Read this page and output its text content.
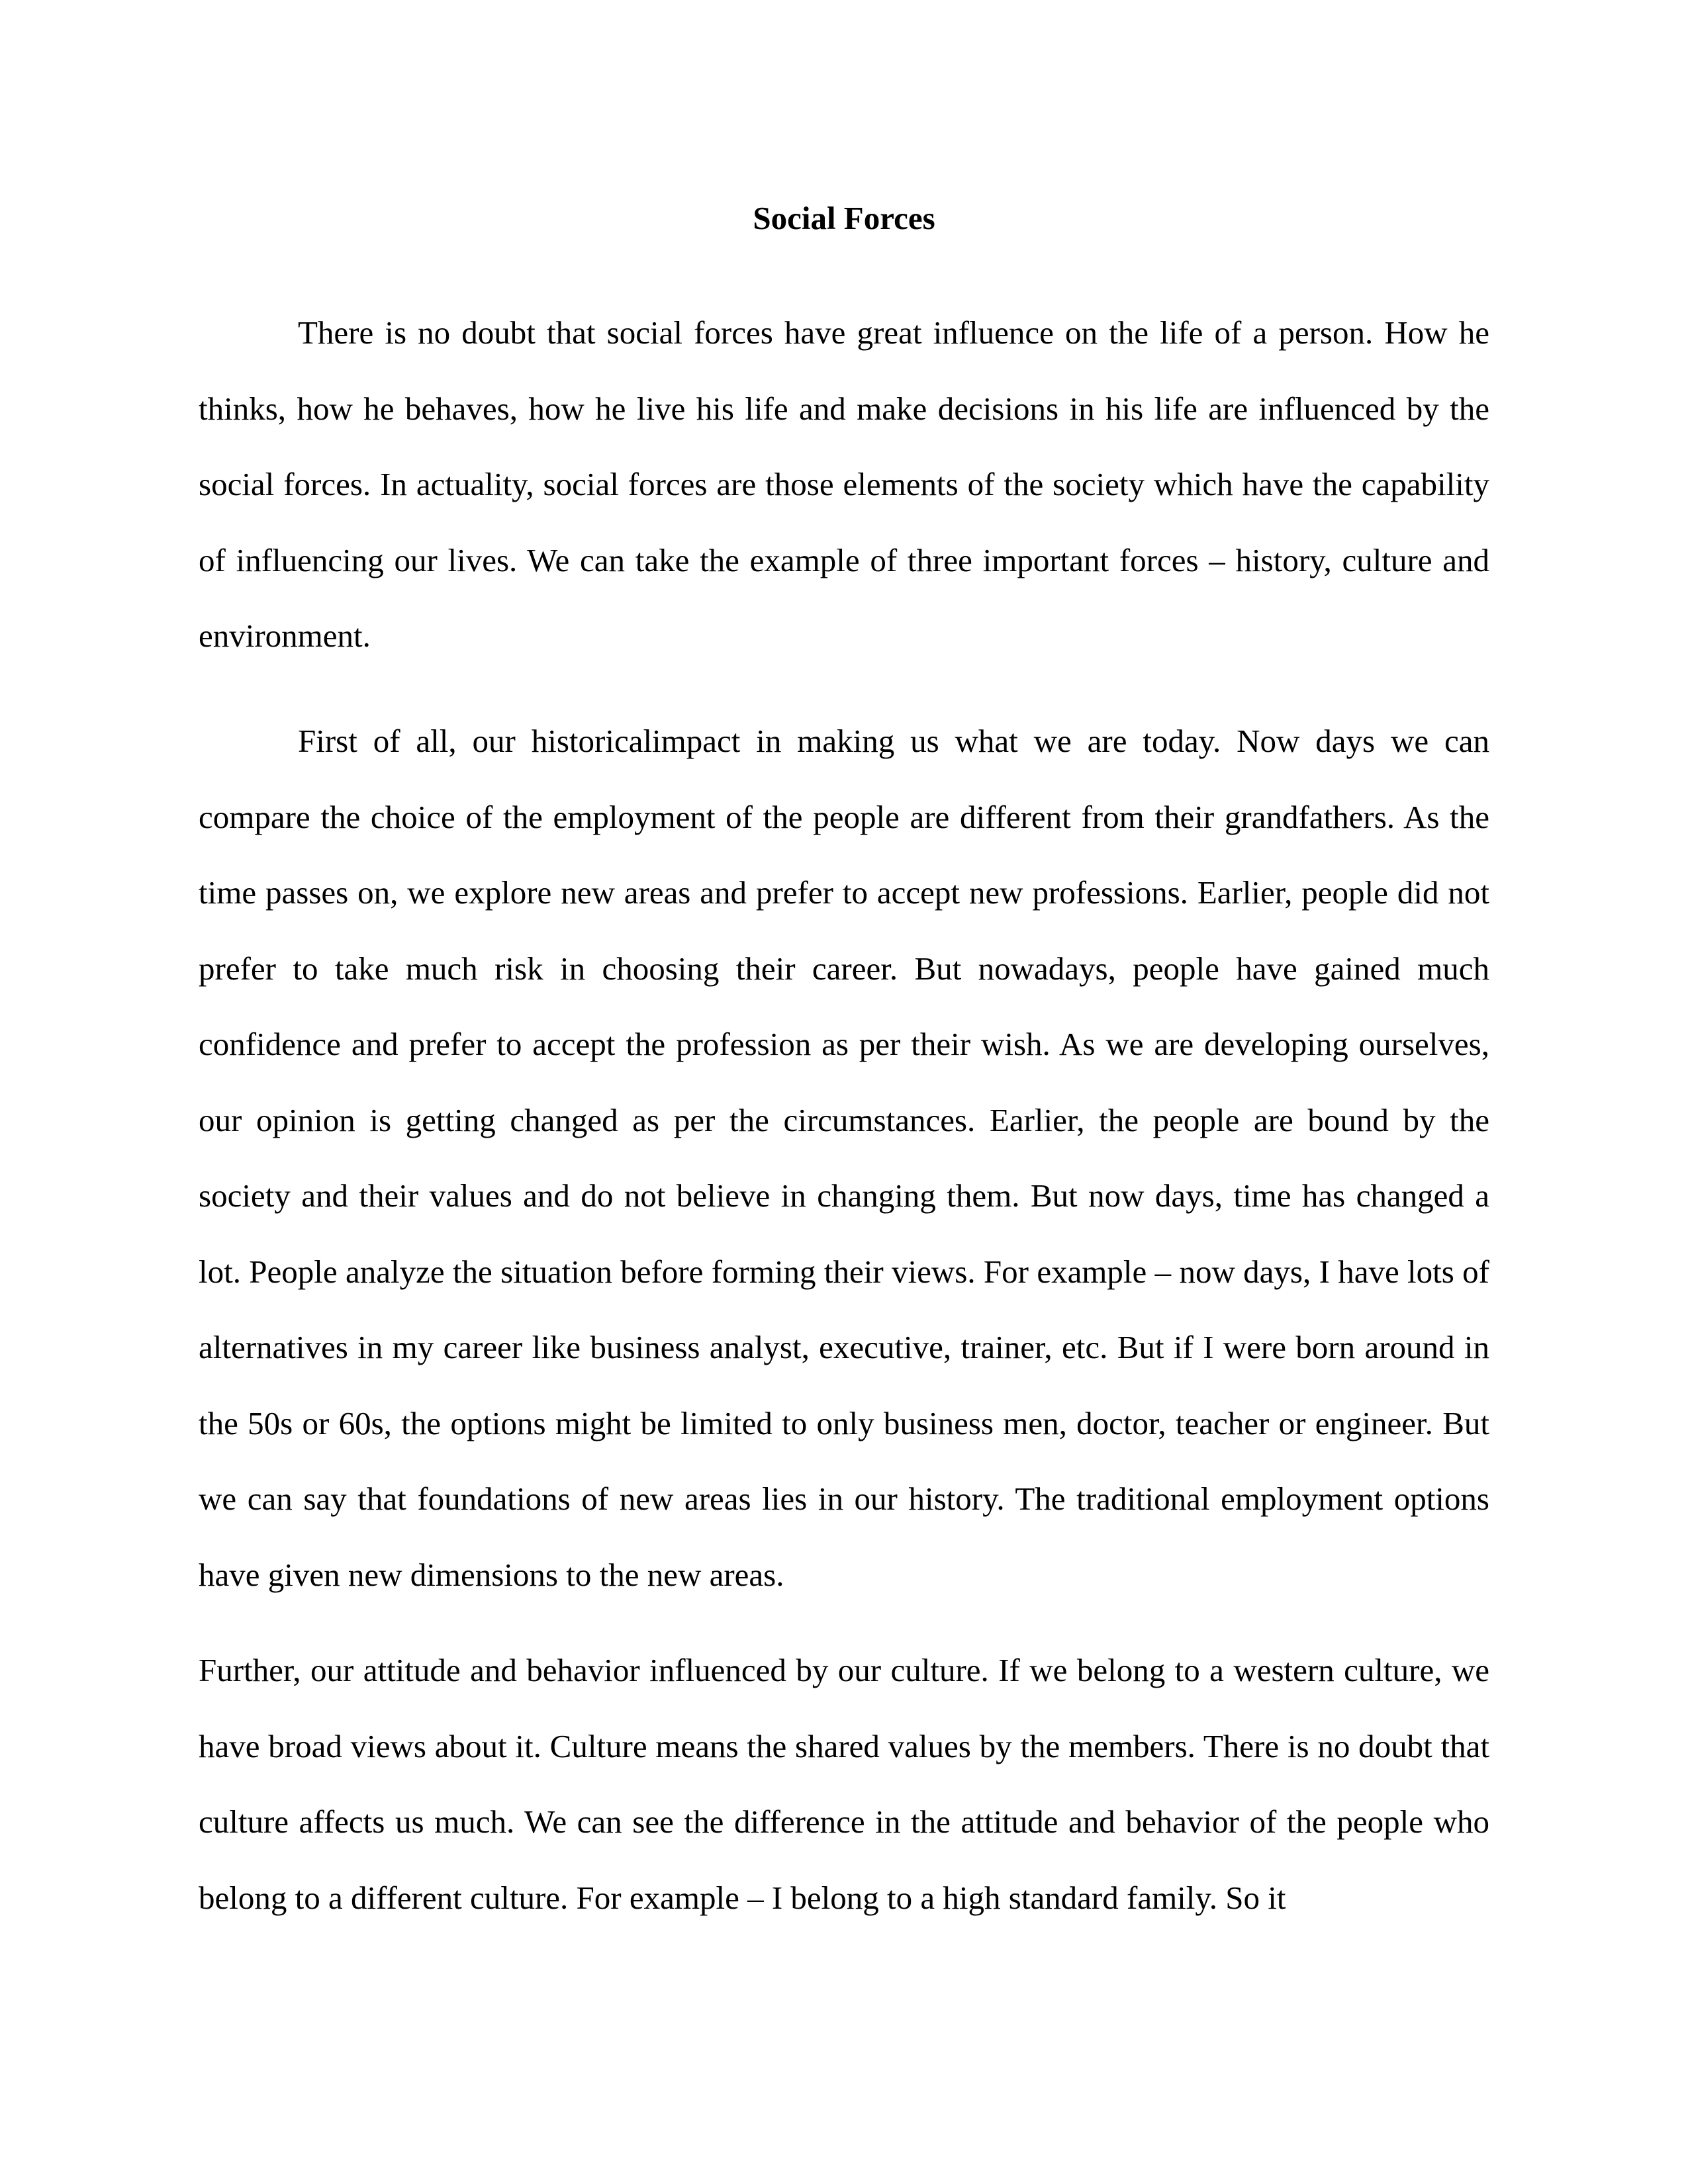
Social Forces

There is no doubt that social forces have great influence on the life of a person. How he thinks, how he behaves, how he live his life and make decisions in his life are influenced by the social forces. In actuality, social forces are those elements of the society which have the capability of influencing our lives. We can take the example of three important forces – history, culture and environment.

First of all, our historicalimpact in making us what we are today. Now days we can compare the choice of the employment of the people are different from their grandfathers. As the time passes on, we explore new areas and prefer to accept new professions. Earlier, people did not prefer to take much risk in choosing their career. But nowadays, people have gained much confidence and prefer to accept the profession as per their wish. As we are developing ourselves, our opinion is getting changed as per the circumstances. Earlier, the people are bound by the society and their values and do not believe in changing them. But now days, time has changed a lot. People analyze the situation before forming their views. For example – now days, I have lots of alternatives in my career like business analyst, executive, trainer, etc. But if I were born around in the 50s or 60s, the options might be limited to only business men, doctor, teacher or engineer. But we can say that foundations of new areas lies in our history. The traditional employment options have given new dimensions to the new areas.

Further, our attitude and behavior influenced by our culture. If we belong to a western culture, we have broad views about it. Culture means the shared values by the members. There is no doubt that culture affects us much. We can see the difference in the attitude and behavior of the people who belong to a different culture. For example – I belong to a high standard family. So it
